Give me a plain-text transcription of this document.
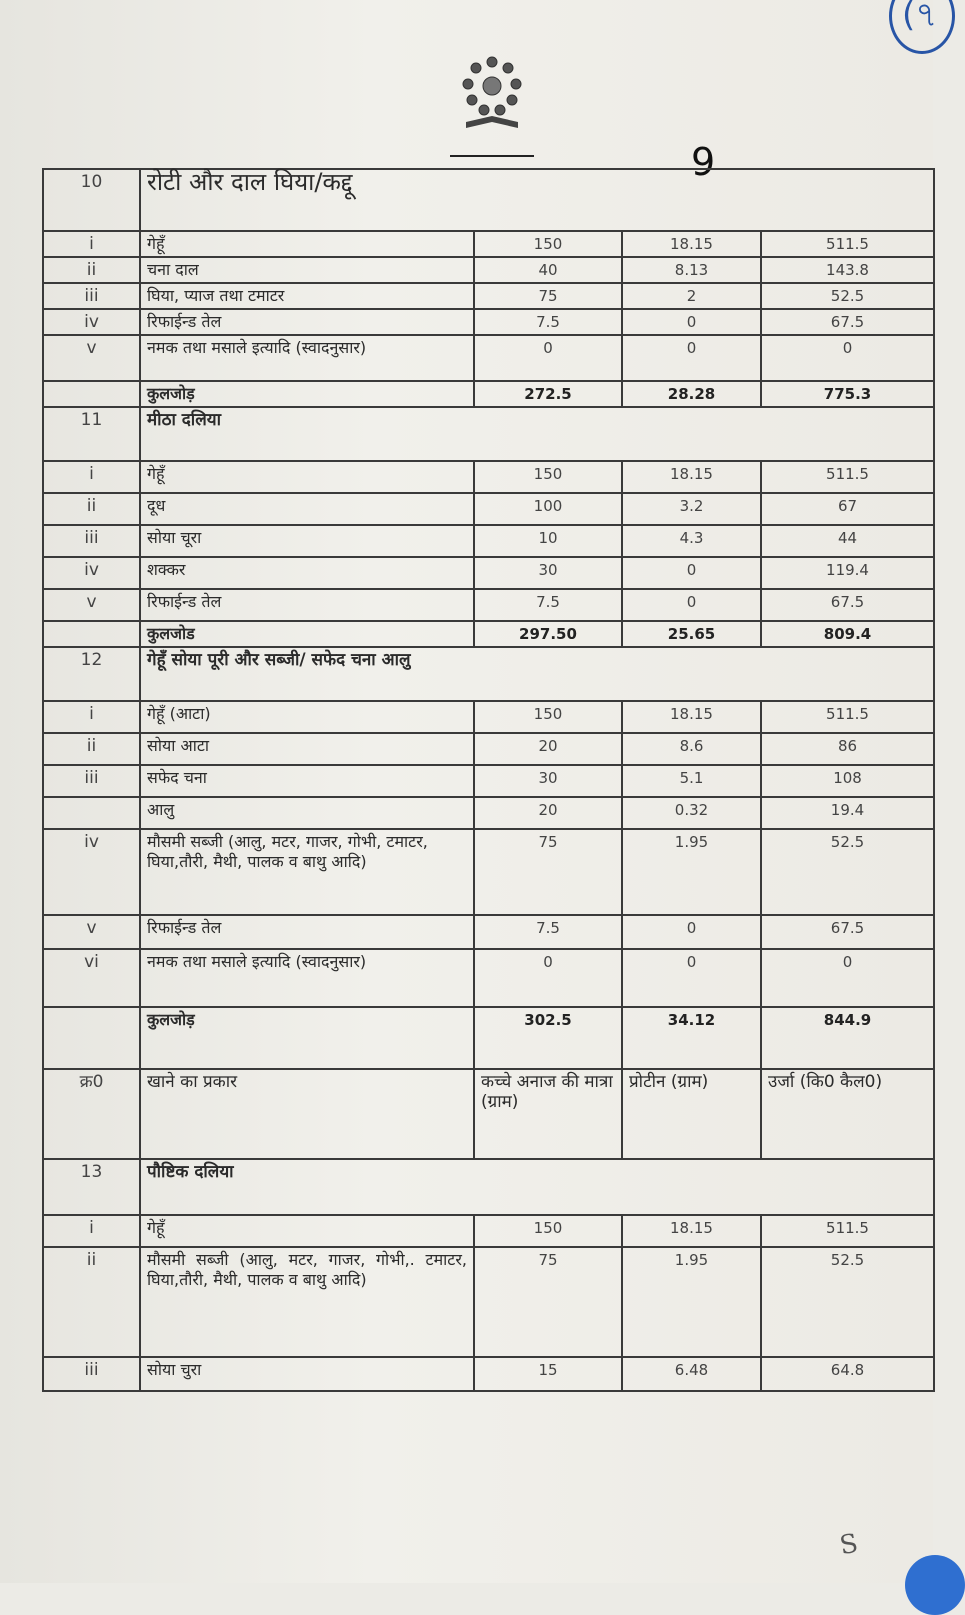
(৭
9
10	रोटी और दाल घिया/कद्दू			
i	गेहूँ	150	18.15	511.5
ii	चना दाल	40	8.13	143.8
iii	घिया, प्याज तथा टमाटर	75	2	52.5
iv	रिफाईन्ड तेल	7.5	0	67.5
v	नमक तथा मसाले इत्यादि (स्वादनुसार)	0	0	0
	कुलजोड़	272.5	28.28	775.3
11	मीठा दलिया			
i	गेहूँ	150	18.15	511.5
ii	दूध	100	3.2	67
iii	सोया चूरा	10	4.3	44
iv	शक्कर	30	0	119.4
v	रिफाईन्ड तेल	7.5	0	67.5
	कुलजोड	297.50	25.65	809.4
12	गेहूँ सोया पूरी और सब्जी/ सफेद चना आलु			
i	गेहूँ (आटा)	150	18.15	511.5
ii	सोया आटा	20	8.6	86
iii	सफेद चना	30	5.1	108
	आलु	20	0.32	19.4
iv	मौसमी सब्जी (आलु, मटर, गाजर, गोभी, टमाटर, घिया,तौरी, मैथी, पालक व बाथु आदि)	75	1.95	52.5
v	रिफाईन्ड तेल	7.5	0	67.5
vi	नमक तथा मसाले इत्यादि (स्वादनुसार)	0	0	0
	कुलजोड़	302.5	34.12	844.9
क्र0	खाने का प्रकार	कच्चे अनाज की मात्रा (ग्राम)	प्रोटीन (ग्राम)	उर्जा (कि0 कैल0)
13	पौष्टिक दलिया			
i	गेहूँ	150	18.15	511.5
ii	मौसमी सब्जी (आलु, मटर, गाजर, गोभी,. टमाटर, घिया,तौरी, मैथी, पालक व बाथु आदि)	75	1.95	52.5
iii	सोया चुरा	15	6.48	64.8
S
